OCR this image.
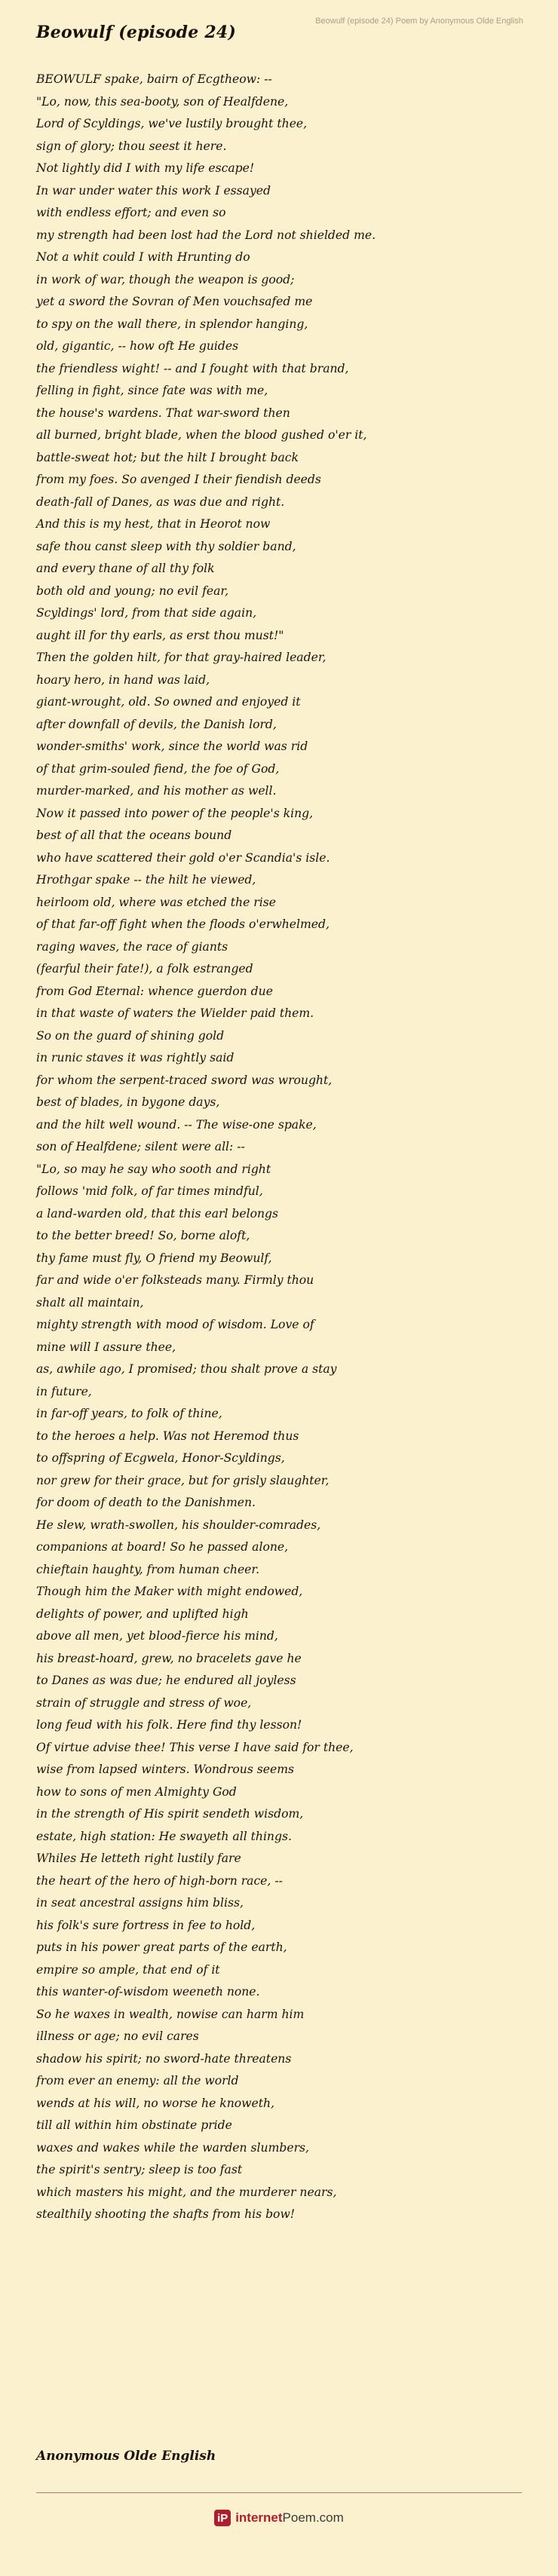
Beowulf (episode 24) Poem by Anonymous Olde English
Beowulf (episode 24)
BEOWULF spake, bairn of Ecgtheow: --
"Lo, now, this sea-booty, son of Healfdene,
Lord of Scyldings, we've lustily brought thee,
sign of glory; thou seest it here.
Not lightly did I with my life escape!
In war under water this work I essayed
with endless effort; and even so
my strength had been lost had the Lord not shielded me.
Not a whit could I with Hrunting do
in work of war, though the weapon is good;
yet a sword the Sovran of Men vouchsafed me
to spy on the wall there, in splendor hanging,
old, gigantic, -- how oft He guides
the friendless wight! -- and I fought with that brand,
felling in fight, since fate was with me,
the house's wardens. That war-sword then
all burned, bright blade, when the blood gushed o'er it,
battle-sweat hot; but the hilt I brought back
from my foes. So avenged I their fiendish deeds
death-fall of Danes, as was due and right.
And this is my hest, that in Heorot now
safe thou canst sleep with thy soldier band,
and every thane of all thy folk
both old and young; no evil fear,
Scyldings' lord, from that side again,
aught ill for thy earls, as erst thou must!"
Then the golden hilt, for that gray-haired leader,
hoary hero, in hand was laid,
giant-wrought, old. So owned and enjoyed it
after downfall of devils, the Danish lord,
wonder-smiths' work, since the world was rid
of that grim-souled fiend, the foe of God,
murder-marked, and his mother as well.
Now it passed into power of the people's king,
best of all that the oceans bound
who have scattered their gold o'er Scandia's isle.
Hrothgar spake -- the hilt he viewed,
heirloom old, where was etched the rise
of that far-off fight when the floods o'erwhelmed,
raging waves, the race of giants
(fearful their fate!), a folk estranged
from God Eternal: whence guerdon due
in that waste of waters the Wielder paid them.
So on the guard of shining gold
in runic staves it was rightly said
for whom the serpent-traced sword was wrought,
best of blades, in bygone days,
and the hilt well wound. -- The wise-one spake,
son of Healfdene; silent were all: --
"Lo, so may he say who sooth and right
follows 'mid folk, of far times mindful,
a land-warden old, that this earl belongs
to the better breed! So, borne aloft,
thy fame must fly, O friend my Beowulf,
far and wide o'er folksteads many. Firmly thou
shalt all maintain,
mighty strength with mood of wisdom. Love of
mine will I assure thee,
as, awhile ago, I promised; thou shalt prove a stay
in future,
in far-off years, to folk of thine,
to the heroes a help. Was not Heremod thus
to offspring of Ecgwela, Honor-Scyldings,
nor grew for their grace, but for grisly slaughter,
for doom of death to the Danishmen.
He slew, wrath-swollen, his shoulder-comrades,
companions at board! So he passed alone,
chieftain haughty, from human cheer.
Though him the Maker with might endowed,
delights of power, and uplifted high
above all men, yet blood-fierce his mind,
his breast-hoard, grew, no bracelets gave he
to Danes as was due; he endured all joyless
strain of struggle and stress of woe,
long feud with his folk. Here find thy lesson!
Of virtue advise thee! This verse I have said for thee,
wise from lapsed winters. Wondrous seems
how to sons of men Almighty God
in the strength of His spirit sendeth wisdom,
estate, high station: He swayeth all things.
Whiles He letteth right lustily fare
the heart of the hero of high-born race, --
in seat ancestral assigns him bliss,
his folk's sure fortress in fee to hold,
puts in his power great parts of the earth,
empire so ample, that end of it
this wanter-of-wisdom weeneth none.
So he waxes in wealth, nowise can harm him
illness or age; no evil cares
shadow his spirit; no sword-hate threatens
from ever an enemy: all the world
wends at his will, no worse he knoweth,
till all within him obstinate pride
waxes and wakes while the warden slumbers,
the spirit's sentry; sleep is too fast
which masters his might, and the murderer nears,
stealthily shooting the shafts from his bow!
Anonymous Olde English
iP internetPoem.com
